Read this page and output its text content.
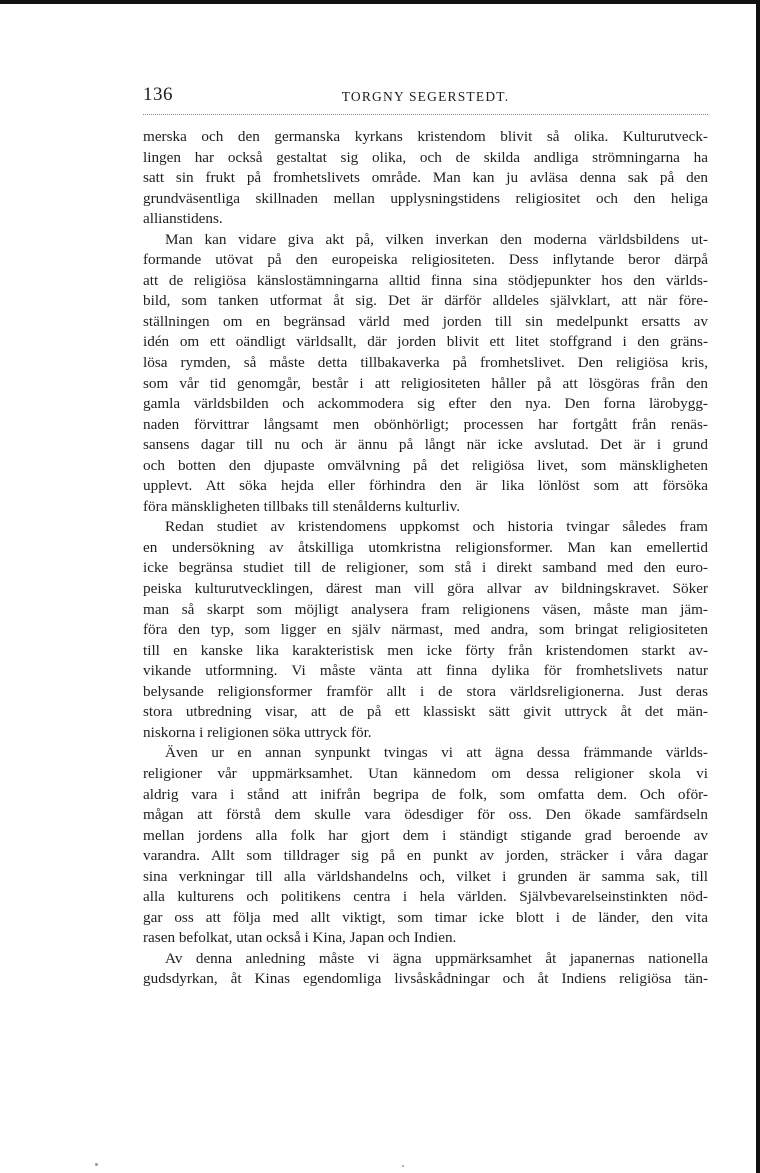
136	TORGNY SEGERSTEDT.
merska och den germanska kyrkans kristendom blivit så olika. Kulturutveck-
lingen har också gestaltat sig olika, och de skilda andliga strömningarna ha
satt sin frukt på fromhetslivets område. Man kan ju avläsa denna sak på den
grundväsentliga skillnaden mellan upplysningstidens religiositet och den heliga
allianstidens.
Man kan vidare giva akt på, vilken inverkan den moderna världsbildens ut-
formande utövat på den europeiska religiositeten. Dess inflytande beror därpå
att de religiösa känslostämningarna alltid finna sina stödjepunkter hos den världs-
bild, som tanken utformat åt sig. Det är därför alldeles självklart, att när före-
ställningen om en begränsad värld med jorden till sin medelpunkt ersatts av
idén om ett oändligt världsallt, där jorden blivit ett litet stoffgrand i den gräns-
lösa rymden, så måste detta tillbakaverka på fromhetslivet. Den religiösa kris,
som vår tid genomgår, består i att religiositeten håller på att lösgöras från den
gamla världsbilden och ackommodera sig efter den nya. Den forna lärobygg-
naden förvittrar långsamt men obönhörligt; processen har fortgått från renäs-
sansens dagar till nu och är ännu på långt när icke avslutad. Det är i grund
och botten den djupaste omvälvning på det religiösa livet, som mänskligheten
upplevt. Att söka hejda eller förhindra den är lika lönlöst som att försöka
föra mänskligheten tillbaks till stenålderns kulturliv.
Redan studiet av kristendomens uppkomst och historia tvingar således fram
en undersökning av åtskilliga utomkristna religionsformer. Man kan emellertid
icke begränsa studiet till de religioner, som stå i direkt samband med den euro-
peiska kulturutvecklingen, därest man vill göra allvar av bildningskravet. Söker
man så skarpt som möjligt analysera fram religionens väsen, måste man jäm-
föra den typ, som ligger en själv närmast, med andra, som bringat religiositeten
till en kanske lika karakteristisk men icke förty från kristendomen starkt av-
vikande utformning. Vi måste vänta att finna dylika för fromhetslivets natur
belysande religionsformer framför allt i de stora världsreligionerna. Just deras
stora utbredning visar, att de på ett klassiskt sätt givit uttryck åt det män-
niskorna i religionen söka uttryck för.
Även ur en annan synpunkt tvingas vi att ägna dessa främmande världs-
religioner vår uppmärksamhet. Utan kännedom om dessa religioner skola vi
aldrig vara i stånd att inifrån begripa de folk, som omfatta dem. Och oför-
mågan att förstå dem skulle vara ödesdiger för oss. Den ökade samfärdseln
mellan jordens alla folk har gjort dem i ständigt stigande grad beroende av
varandra. Allt som tilldrager sig på en punkt av jorden, sträcker i våra dagar
sina verkningar till alla världshandelns och, vilket i grunden är samma sak, till
alla kulturens och politikens centra i hela världen. Självbevarelseinstinkten nöd-
gar oss att följa med allt viktigt, som timar icke blott i de länder, den vita
rasen befolkat, utan också i Kina, Japan och Indien.
Av denna anledning måste vi ägna uppmärksamhet åt japanernas nationella
gudsdyrkan, åt Kinas egendomliga livsåskådningar och åt Indiens religiösa tän-
